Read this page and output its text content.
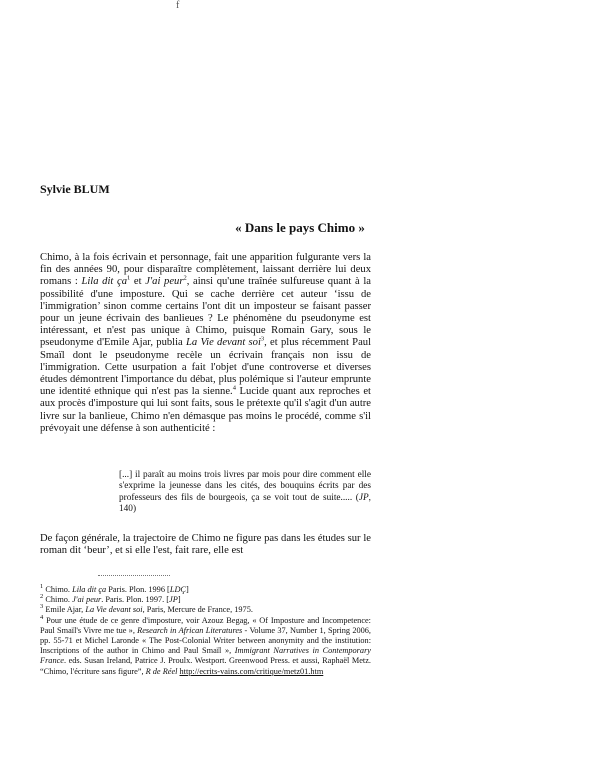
f
Sylvie BLUM
« Dans le pays Chimo »

Chimo, à la fois écrivain et personnage, fait une apparition fulgurante vers la fin des années 90, pour disparaître complètement, laissant derrière lui deux romans : Lila dit $ça^1$ et J'ai peur$^2$, ainsi qu'une traînée sulfureuse quant à la possibilité d'une imposture. Qui se cache derrière cet auteur ‘issu de l'immigration’ sinon comme certains l'ont dit un imposteur se faisant passer pour un jeune écrivain des banlieues ? Le phénomène du pseudonyme est intéressant, et n'est pas unique à Chimo, puisque Romain Gary, sous le pseudonyme d'Emile Ajar, publia La Vie devant soi$^3$, et plus récemment Paul Smaïl dont le pseudonyme recèle un écrivain français non issu de l'immigration. Cette usurpation a fait l'objet d'une controverse et diverses études démontrent l'importance du débat, plus polémique si l'auteur emprunte une identité ethnique qui n'est pas la sienne.$^4$ Lucide quant aux reproches et aux procès d'imposture qui lui sont faits, sous le prétexte qu'il s'agit d'un autre livre sur la banlieue, Chimo n'en démasque pas moins le procédé, comme s'il prévoyait une défense à son authenticité :

[...] il paraît au moins trois livres par mois pour dire comment elle s'exprime la jeunesse dans les cités, des bouquins écrits par des professeurs des fils de bourgeois, ça se voit tout de suite..... (JP, 140)
De façon générale, la trajectoire de Chimo ne figure pas dans les études sur le roman dit ‘beur’, et si elle l'est, fait rare, elle est
$^1$ Chimo. Lila dit ça Paris. Plon. 1996 [LDÇ]
$^2$ Chimo. J'ai peur. Paris. Plon. 1997. [JP]
$^3$ Emile Ajar, La Vie devant soi, Paris, Mercure de France, 1975.
$^4$ Pour une étude de ce genre d'imposture, voir Azouz Begag, « Of Imposture and Incompetence: Paul Smaïl's Vivre me tue », Research in African Literatures - Volume 37, Number 1, Spring 2006, pp. 55-71 et Michel Laronde « The Post-Colonial Writer between anonymity and the institution: Inscriptions of the author in Chimo and Paul Smaïl », Immigrant Narratives in Contemporary France. eds. Susan Ireland, Patrice J. Proulx. Westport. Greenwood Press. et aussi, Raphaël Metz. “Chimo, l'écriture sans figure”, R de Réel http://ecrits-vains.com/critique/metz01.htm
